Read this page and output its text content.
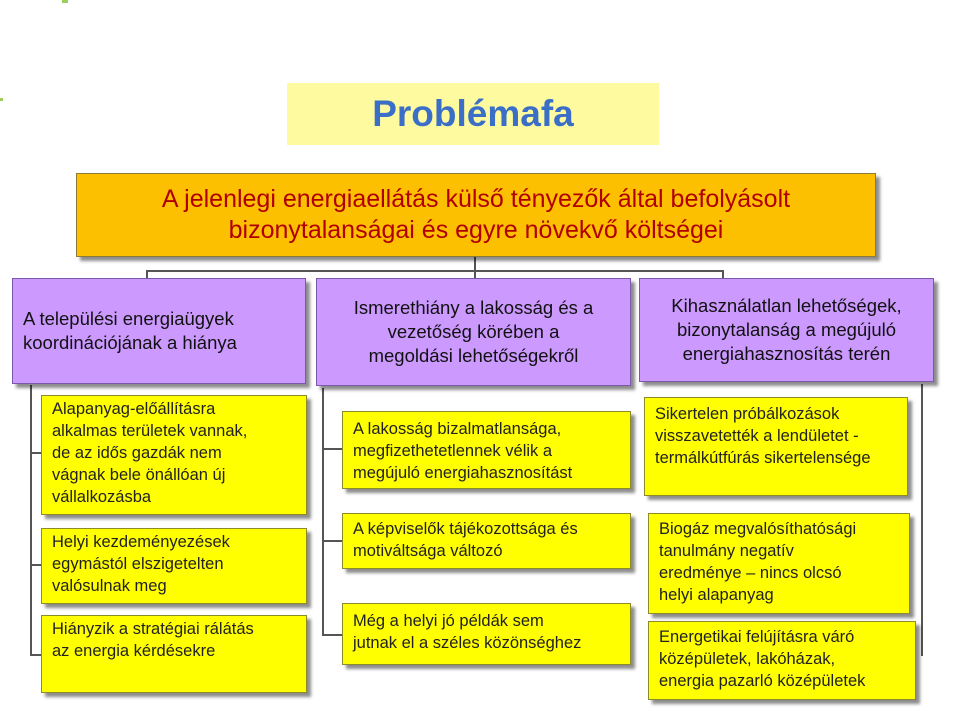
Problémafa
A jelenlegi energiaellátás külső tényezők által befolyásolt
bizonytalanságai és egyre növekvő költségei
A települési energiaügyek
koordinációjának a hiánya
Alapanyag-előállításra
alkalmas területek vannak,
de az idős gazdák nem
vágnak bele önállóan új
vállalkozásba
Helyi kezdeményezések
egymástól elszigetelten
valósulnak meg
Hiányzik a stratégiai rálátás
az energia kérdésekre
Ismerethiány a lakosság és a
vezetőség körében a
megoldási lehetőségekről
A lakosság bizalmatlansága,
megfizethetetlennek vélik a
megújuló energiahasznosítást
A képviselők tájékozottsága és
motiváltsága változó
Még a helyi jó példák sem
jutnak el a széles közönséghez
Kihasználatlan lehetőségek,
bizonytalanság a megújuló
energiahasznosítás terén
Sikertelen próbálkozások
visszavetették a lendületet -
termálkútfúrás sikertelensége
Biogáz megvalósíthatósági
tanulmány negatív
eredménye – nincs olcsó
helyi alapanyag
Energetikai felújításra váró
középületek, lakóházak,
energia pazarló középületek
